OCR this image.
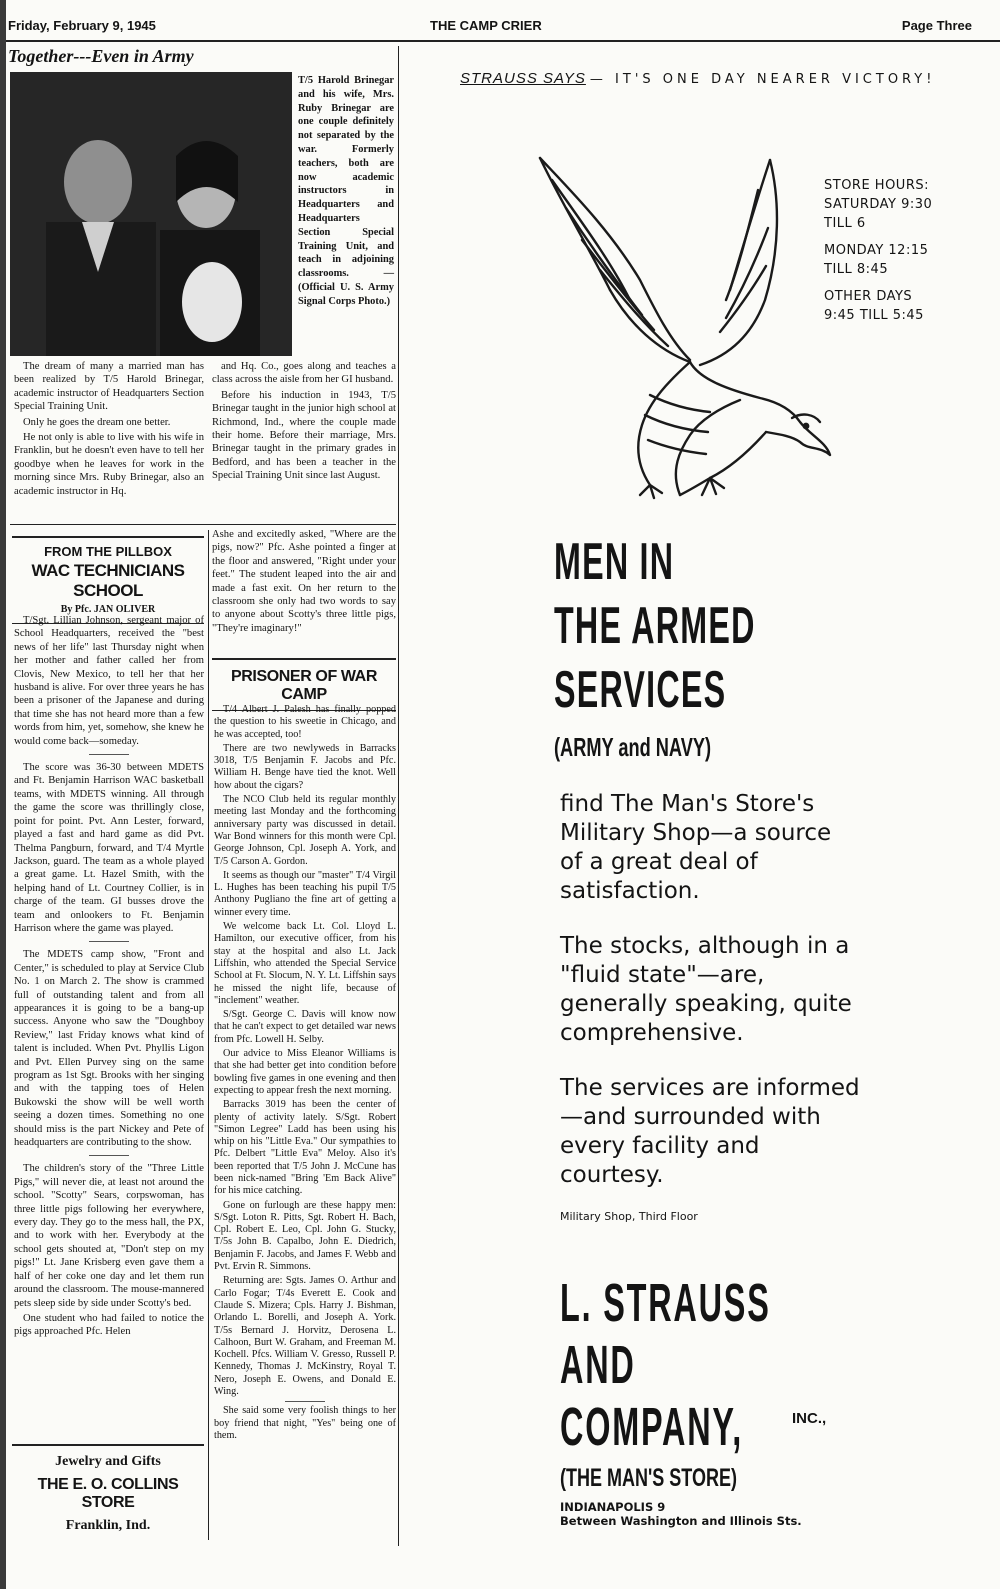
Friday, February 9, 1945	THE CAMP CRIER	Page Three
Together---Even in Army
T/5 Harold Brinegar and his wife, Mrs. Ruby Brinegar are one couple definitely not separated by the war. Formerly teachers, both are now academic instructors in Headquarters and Headquarters Section Special Training Unit, and teach in adjoining classrooms. — (Official U. S. Army Signal Corps Photo.)

The dream of many a married man has been realized by T/5 Harold Brinegar, academic instructor of Headquarters Section Special Training Unit.

Only he goes the dream one better.

He not only is able to live with his wife in Franklin, but he doesn't even have to tell her goodbye when he leaves for work in the morning since Mrs. Ruby Brinegar, also an academic instructor in Hq.

and Hq. Co., goes along and teaches a class across the aisle from her GI husband.

Before his induction in 1943, T/5 Brinegar taught in the junior high school at Richmond, Ind., where the couple made their home. Before their marriage, Mrs. Brinegar taught in the primary grades in Bedford, and has been a teacher in the Special Training Unit since last August.

FROM THE PILLBOX
WAC TECHNICIANS SCHOOL
By Pfc. JAN OLIVER

T/Sgt. Lillian Johnson, sergeant major of School Headquarters, received the "best news of her life" last Thursday night when her mother and father called her from Clovis, New Mexico, to tell her that her husband is alive. For over three years he has been a prisoner of the Japanese and during that time she has not heard more than a few words from him, yet, somehow, she knew he would come back—someday.

The score was 36-30 between MDETS and Ft. Benjamin Harrison WAC basketball teams, with MDETS winning. All through the game the score was thrillingly close, point for point. Pvt. Ann Lester, forward, played a fast and hard game as did Pvt. Thelma Pangburn, forward, and T/4 Myrtle Jackson, guard. The team as a whole played a great game. Lt. Hazel Smith, with the helping hand of Lt. Courtney Collier, is in charge of the team. GI busses drove the team and onlookers to Ft. Benjamin Harrison where the game was played.

The MDETS camp show, "Front and Center," is scheduled to play at Service Club No. 1 on March 2. The show is crammed full of outstanding talent and from all appearances it is going to be a bang-up success. Anyone who saw the "Doughboy Review," last Friday knows what kind of talent is included. When Pvt. Phyllis Ligon and Pvt. Ellen Purvey sing on the same program as 1st Sgt. Brooks with her singing and with the tapping toes of Helen Bukowski the show will be well worth seeing a dozen times. Something no one should miss is the part Nickey and Pete of headquarters are contributing to the show.

The children's story of the "Three Little Pigs," will never die, at least not around the school. "Scotty" Sears, corpswoman, has three little pigs following her everywhere, every day. They go to the mess hall, the PX, and to work with her. Everybody at the school gets shouted at, "Don't step on my pigs!" Lt. Jane Krisberg even gave them a half of her coke one day and let them run around the classroom. The mouse-mannered pets sleep side by side under Scotty's bed.

One student who had failed to notice the pigs approached Pfc. Helen

Jewelry and Gifts
THE E. O. COLLINS STORE
Franklin, Ind.

Ashe and excitedly asked, "Where are the pigs, now?" Pfc. Ashe pointed a finger at the floor and answered, "Right under your feet." The student leaped into the air and made a fast exit. On her return to the classroom she only had two words to say to anyone about Scotty's three little pigs, "They're imaginary!"

PRISONER OF WAR CAMP

T/4 Albert J. Palesh has finally popped the question to his sweetie in Chicago, and he was accepted, too!

There are two newlyweds in Barracks 3018, T/5 Benjamin F. Jacobs and Pfc. William H. Benge have tied the knot. Well how about the cigars?

The NCO Club held its regular monthly meeting last Monday and the forthcoming anniversary party was discussed in detail. War Bond winners for this month were Cpl. George Johnson, Cpl. Joseph A. York, and T/5 Carson A. Gordon.

It seems as though our "master" T/4 Virgil L. Hughes has been teaching his pupil T/5 Anthony Pugliano the fine art of getting a winner every time.

We welcome back Lt. Col. Lloyd L. Hamilton, our executive officer, from his stay at the hospital and also Lt. Jack Liffshin, who attended the Special Service School at Ft. Slocum, N. Y. Lt. Liffshin says he missed the night life, because of "inclement" weather.

S/Sgt. George C. Davis will know now that he can't expect to get detailed war news from Pfc. Lowell H. Selby.

Our advice to Miss Eleanor Williams is that she had better get into condition before bowling five games in one evening and then expecting to appear fresh the next morning.

Barracks 3019 has been the center of plenty of activity lately. S/Sgt. Robert "Simon Legree" Ladd has been using his whip on his "Little Eva." Our sympathies to Pfc. Delbert "Little Eva" Meloy. Also it's been reported that T/5 John J. McCune has been nick-named "Bring 'Em Back Alive" for his mice catching.

Gone on furlough are these happy men: S/Sgt. Loton R. Pitts, Sgt. Robert H. Bach, Cpl. Robert E. Leo, Cpl. John G. Stucky, T/5s John B. Capalbo, John E. Diedrich, Benjamin F. Jacobs, and James F. Webb and Pvt. Ervin R. Simmons.

Returning are: Sgts. James O. Arthur and Carlo Fogar; T/4s Everett E. Cook and Claude S. Mizera; Cpls. Harry J. Bishman, Orlando L. Borelli, and Joseph A. York. T/5s Bernard J. Horvitz, Derosena L. Calhoon, Burt W. Graham, and Freeman M. Kochell. Pfcs. William V. Gresso, Russell P. Kennedy, Thomas J. McKinstry, Royal T. Nero, Joseph E. Owens, and Donald E. Wing.

She said some very foolish things to her boy friend that night, "Yes" being one of them.

STRAUSS SAYS — IT'S ONE DAY NEARER VICTORY!
STORE HOURS:
SATURDAY 9:30
TILL 6
MONDAY 12:15
TILL 8:45
OTHER DAYS
9:45 TILL 5:45
MEN IN
THE ARMED
SERVICES
(ARMY and NAVY)
find The Man's Store's Military Shop—a source of a great deal of satisfaction.
The stocks, although in a "fluid state"—are, generally speaking, quite comprehensive.
The services are informed—and surrounded with every facility and courtesy.
Military Shop, Third Floor
L. STRAUSS
AND
COMPANY,	INC.,
(THE MAN'S STORE)
INDIANAPOLIS 9
Between Washington and Illinois Sts.
